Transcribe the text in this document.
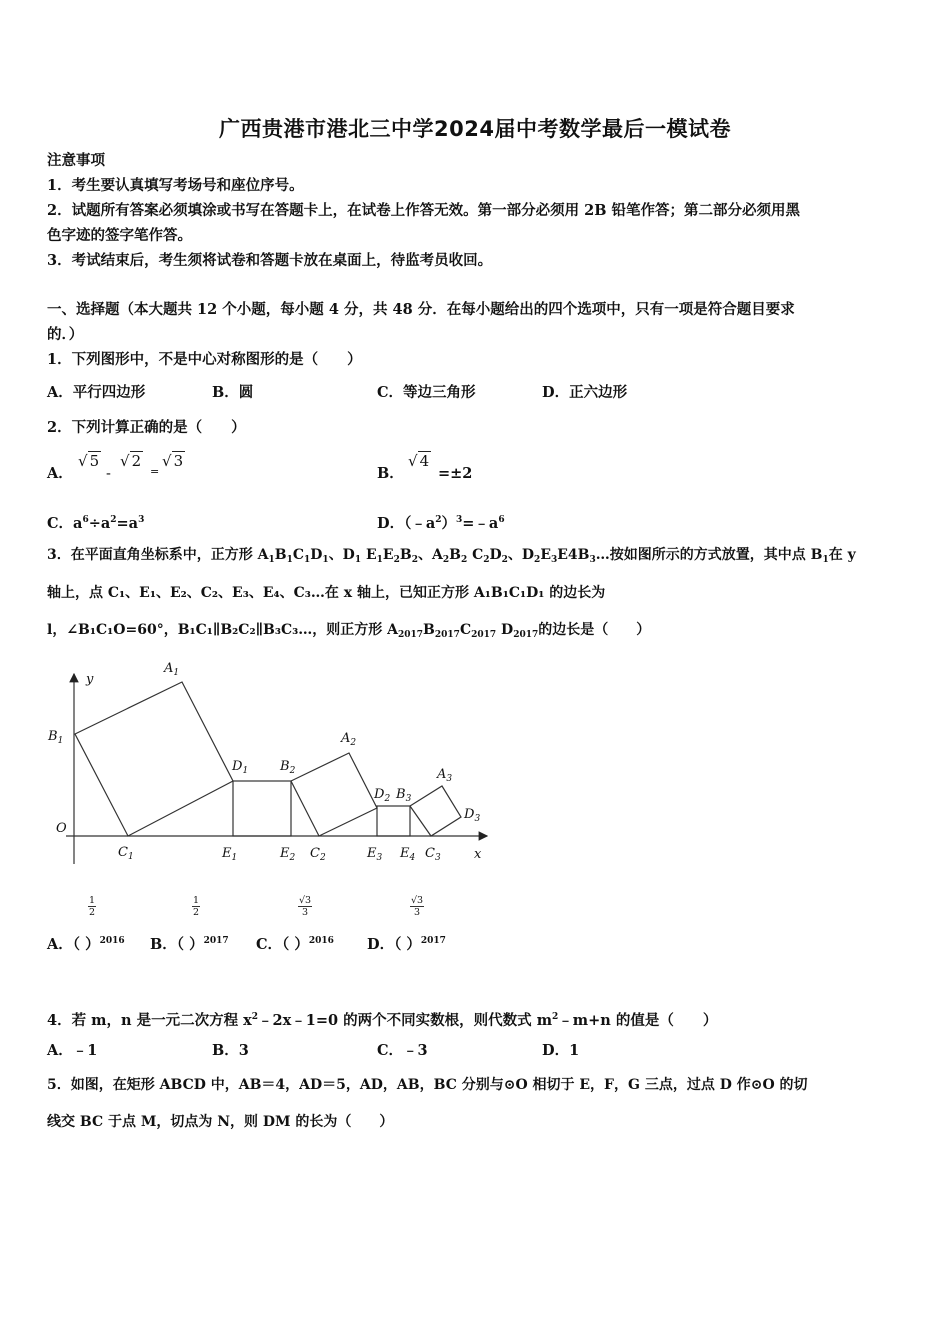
广西贵港市港北三中学2024届中考数学最后一模试卷
注意事项
1．考生要认真填写考场号和座位序号。
2．试题所有答案必须填涂或书写在答题卡上，在试卷上作答无效。第一部分必须用 2B 铅笔作答；第二部分必须用黑
色字迹的签字笔作答。
3．考试结束后，考生须将试卷和答题卡放在桌面上，待监考员收回。
一、选择题（本大题共 12 个小题，每小题 4 分，共 48 分．在每小题给出的四个选项中，只有一项是符合题目要求
的．）
1．下列图形中，不是中心对称图形的是（　　）
A．平行四边形	B．圆	C．等边三角形	D．正六边形
2．下列计算正确的是（　　）
A．
√ 5
-
√ 2
=
√ 3
B．
√ 4
=±2
C．$a^6\div a^2=a^3$	D．$(﹣a^2)^3=﹣a^6$
3．在平面直角坐标系中，正方形 $A_1B_1C_1D_1$、$D_1$ $E_1E_2B_2$、$A_2B_2$ $C_2D_2$、$D_2E_3E4B_3\dots$按如图所示的方式放置，其中点 $B_1$在 y
轴上，点 C₁、E₁、E₂、C₂、E₃、E₄、C₃…在 x 轴上，已知正方形 A₁B₁C₁D₁ 的边长为
l，∠B₁C₁O=60°，B₁C₁∥B₂C₂∥B₃C₃…，则正方形 $A_{2017}B_{2017}C_{2017}$ $D_{2017}$的边长是（　　）
y
x
O
$A_1$
$B_1$
$C_1$
$D_1$
$E_1$
$B_2$
$E_2$
$A_2$
$C_2$
$D_2$ $B_3$
$E_3$ $E_4$ $C_3$
$A_3$
$D_3$
$\frac{1}{2}$
A．（ ）$^{2016}$
$\frac{1}{2}$
B．（ ）$^{2017}$
$\frac{√3}{3}$
C．（ ）$^{2016}$
$\frac{√3}{3}$
D．（ ）$^{2017}$
4．若 m，n 是一元二次方程 $x^2﹣2x﹣1=0$ 的两个不同实数根，则代数式 $m^2﹣m+n$ 的值是（　　）
A．﹣1	B．3	C．﹣3	D．1
5．如图，在矩形 ABCD 中，AB＝4，AD＝5，AD，AB，BC 分别与⊙O 相切于 E，F，G 三点，过点 D 作⊙O 的切
线交 BC 于点 M，切点为 N，则 DM 的长为（　　）
